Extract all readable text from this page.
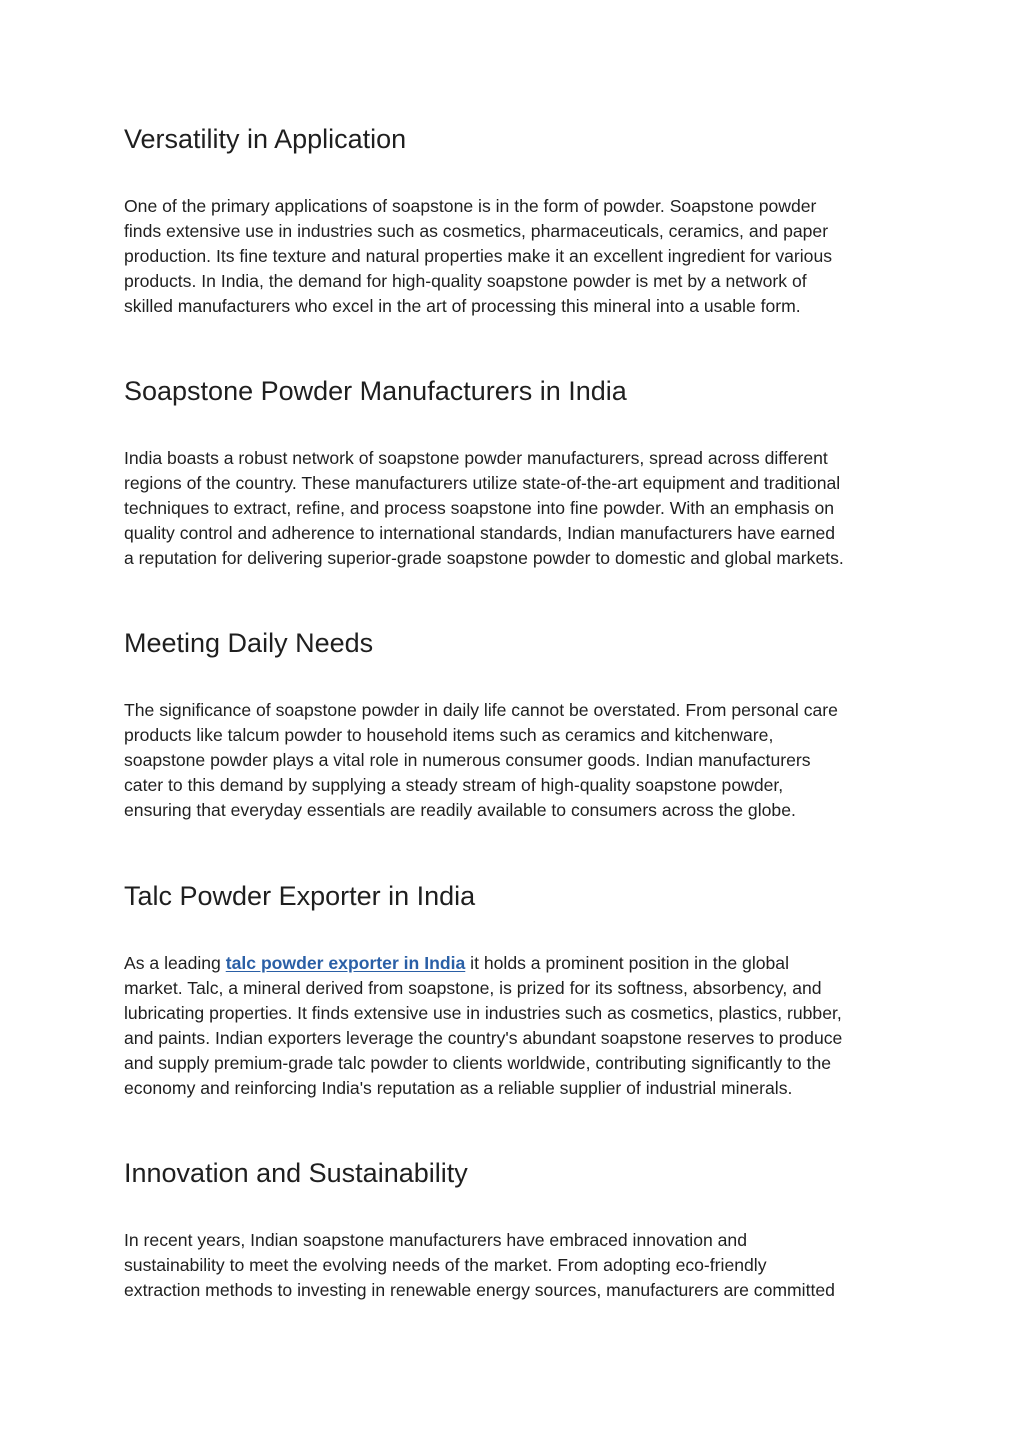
Versatility in Application

One of the primary applications of soapstone is in the form of powder. Soapstone powder
finds extensive use in industries such as cosmetics, pharmaceuticals, ceramics, and paper
production. Its fine texture and natural properties make it an excellent ingredient for various
products. In India, the demand for high-quality soapstone powder is met by a network of
skilled manufacturers who excel in the art of processing this mineral into a usable form.

Soapstone Powder Manufacturers in India

India boasts a robust network of soapstone powder manufacturers, spread across different
regions of the country. These manufacturers utilize state-of-the-art equipment and traditional
techniques to extract, refine, and process soapstone into fine powder. With an emphasis on
quality control and adherence to international standards, Indian manufacturers have earned
a reputation for delivering superior-grade soapstone powder to domestic and global markets.

Meeting Daily Needs

The significance of soapstone powder in daily life cannot be overstated. From personal care
products like talcum powder to household items such as ceramics and kitchenware,
soapstone powder plays a vital role in numerous consumer goods. Indian manufacturers
cater to this demand by supplying a steady stream of high-quality soapstone powder,
ensuring that everyday essentials are readily available to consumers across the globe.

Talc Powder Exporter in India

As a leading talc powder exporter in India it holds a prominent position in the global
market. Talc, a mineral derived from soapstone, is prized for its softness, absorbency, and
lubricating properties. It finds extensive use in industries such as cosmetics, plastics, rubber,
and paints. Indian exporters leverage the country's abundant soapstone reserves to produce
and supply premium-grade talc powder to clients worldwide, contributing significantly to the
economy and reinforcing India's reputation as a reliable supplier of industrial minerals.

Innovation and Sustainability

In recent years, Indian soapstone manufacturers have embraced innovation and
sustainability to meet the evolving needs of the market. From adopting eco-friendly
extraction methods to investing in renewable energy sources, manufacturers are committed
